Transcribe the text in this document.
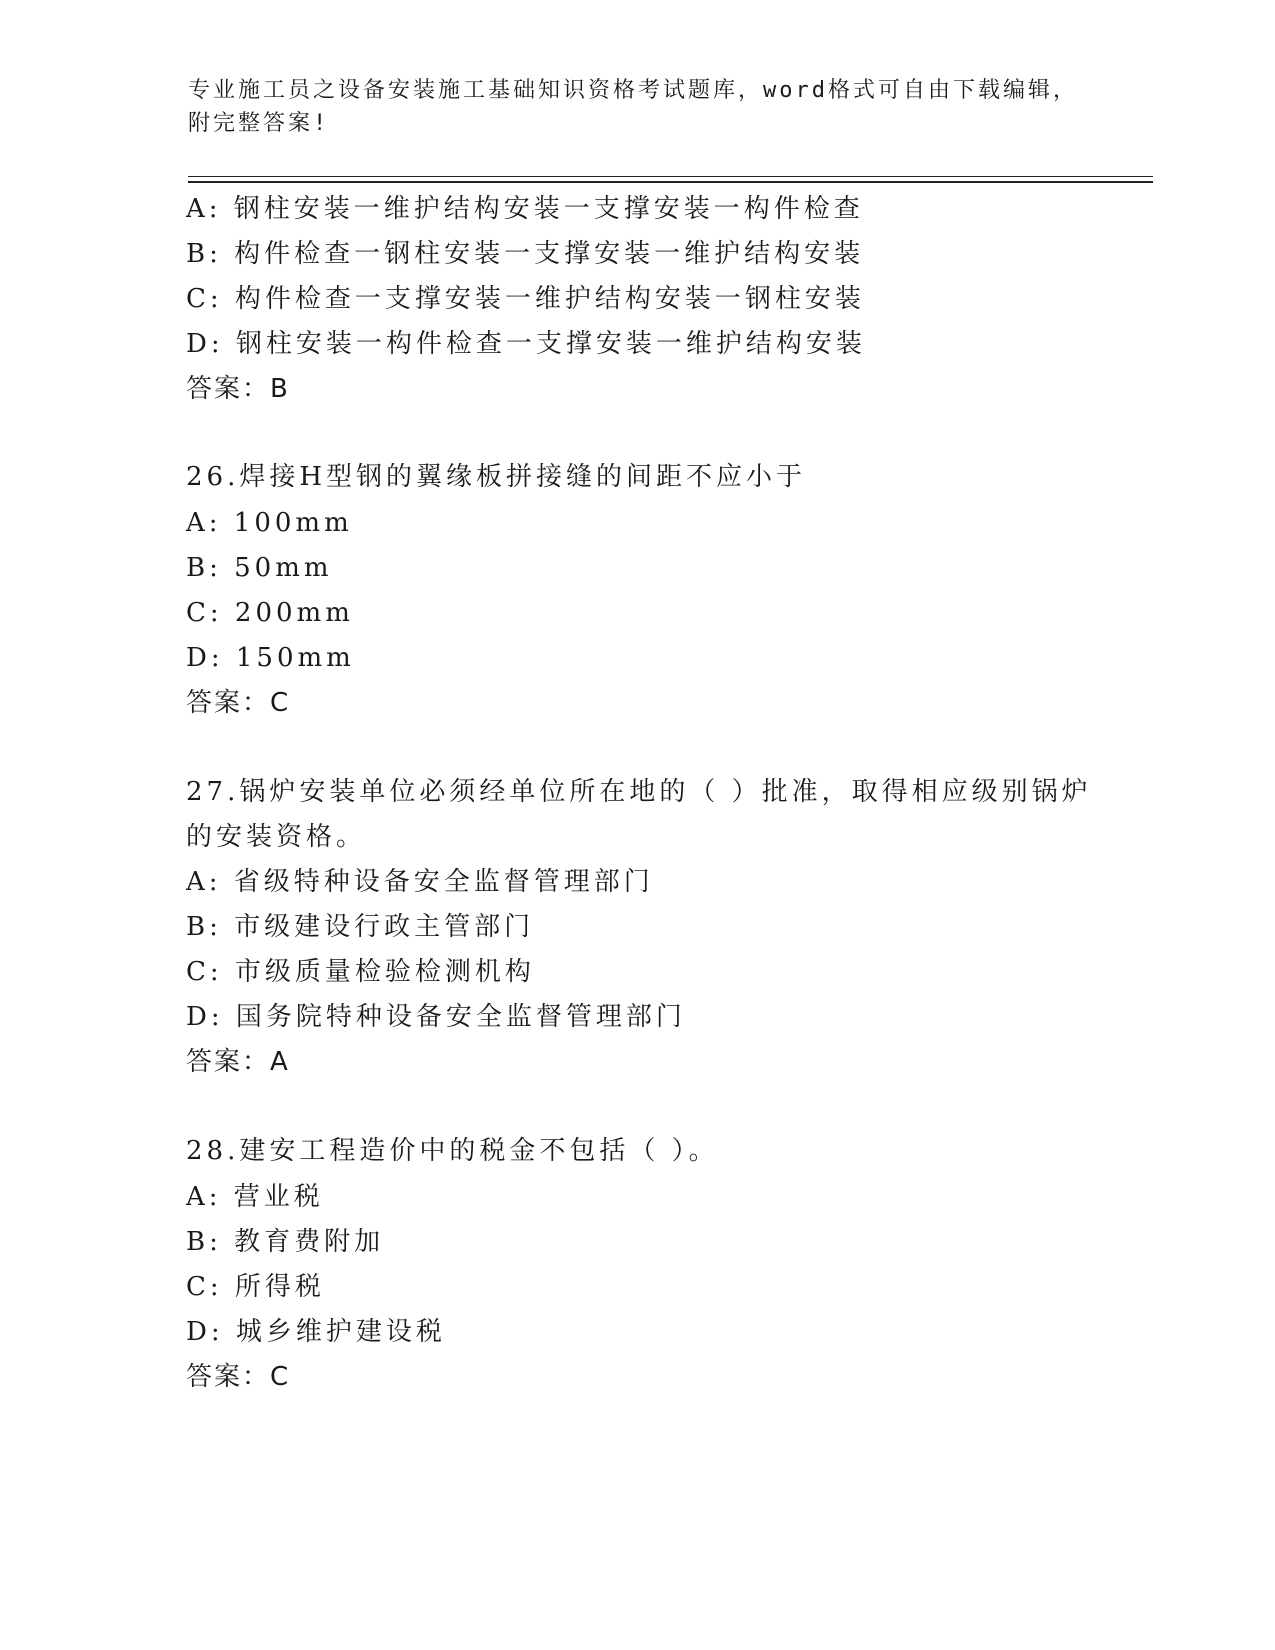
专业施工员之设备安装施工基础知识资格考试题库，word格式可自由下载编辑，
附完整答案!
A: 钢柱安装一维护结构安装一支撑安装一构件检查
B: 构件检查一钢柱安装一支撑安装一维护结构安装
C: 构件检查一支撑安装一维护结构安装一钢柱安装
D: 钢柱安装一构件检查一支撑安装一维护结构安装
答案：B
26.焊接H型钢的翼缘板拼接缝的间距不应小于
A: 100mm
B: 50mm
C: 200mm
D: 150mm
答案：C
27.锅炉安装单位必须经单位所在地的（ ）批准，取得相应级别锅炉
的安装资格。
A: 省级特种设备安全监督管理部门
B: 市级建设行政主管部门
C: 市级质量检验检测机构
D: 国务院特种设备安全监督管理部门
答案：A
28.建安工程造价中的税金不包括（ ）。
A: 营业税
B: 教育费附加
C: 所得税
D: 城乡维护建设税
答案：C
